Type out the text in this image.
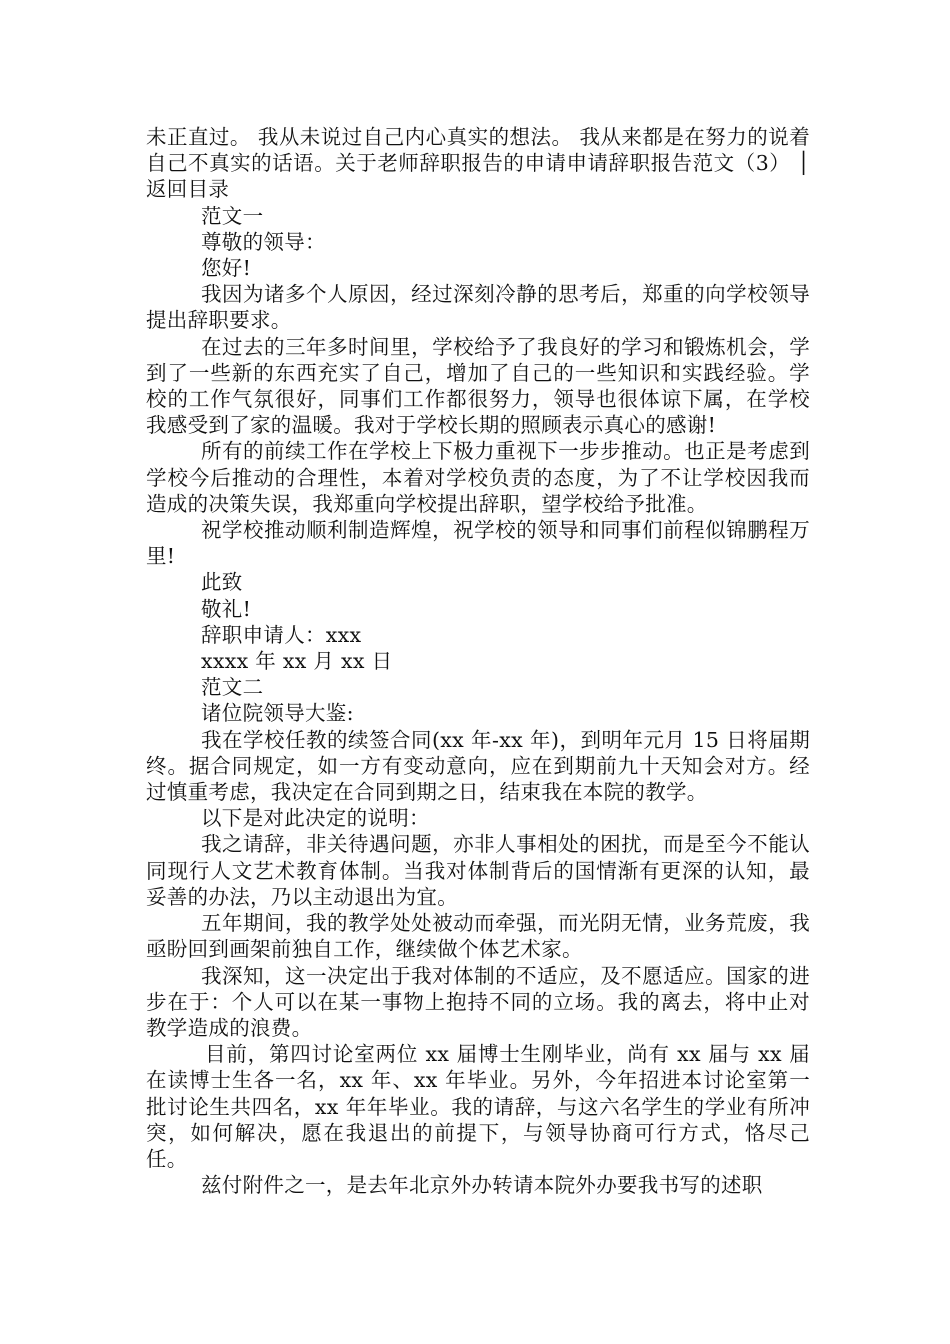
未正直过。 我从未说过自己内心真实的想法。 我从来都是在努力的说着自己不真实的话语。关于老师辞职报告的申请申请辞职报告范文（3） │ 返回目录

范文一

尊敬的领导：

您好!

我因为诸多个人原因，经过深刻冷静的思考后，郑重的向学校领导提出辞职要求。

在过去的三年多时间里，学校给予了我良好的学习和锻炼机会，学到了一些新的东西充实了自己，增加了自己的一些知识和实践经验。学校的工作气氛很好，同事们工作都很努力，领导也很体谅下属，在学校我感受到了家的温暖。我对于学校长期的照顾表示真心的感谢!

所有的前续工作在学校上下极力重视下一步步推动。也正是考虑到学校今后推动的合理性，本着对学校负责的态度，为了不让学校因我而造成的决策失误，我郑重向学校提出辞职，望学校给予批准。

祝学校推动顺利制造辉煌，祝学校的领导和同事们前程似锦鹏程万里!

此致

敬礼!

辞职申请人：xxx

xxxx 年 xx 月 xx 日

范文二

诸位院领导大鉴:

我在学校任教的续签合同(xx 年-xx 年)，到明年元月 15 日将届期终。据合同规定，如一方有变动意向，应在到期前九十天知会对方。经过慎重考虑，我决定在合同到期之日，结束我在本院的教学。

以下是对此决定的说明：

我之请辞，非关待遇问题，亦非人事相处的困扰，而是至今不能认同现行人文艺术教育体制。当我对体制背后的国情渐有更深的认知，最妥善的办法，乃以主动退出为宜。

五年期间，我的教学处处被动而牵强，而光阴无情，业务荒废，我亟盼回到画架前独自工作，继续做个体艺术家。

我深知，这一决定出于我对体制的不适应，及不愿适应。国家的进步在于：个人可以在某一事物上抱持不同的立场。我的离去，将中止对教学造成的浪费。

目前，第四讨论室两位 xx 届博士生刚毕业，尚有 xx 届与 xx 届在读博士生各一名，xx 年、xx 年毕业。另外，今年招进本讨论室第一批讨论生共四名，xx 年年毕业。我的请辞，与这六名学生的学业有所冲突，如何解决，愿在我退出的前提下，与领导协商可行方式，恪尽己任。

兹付附件之一，是去年北京外办转请本院外办要我书写的述职
